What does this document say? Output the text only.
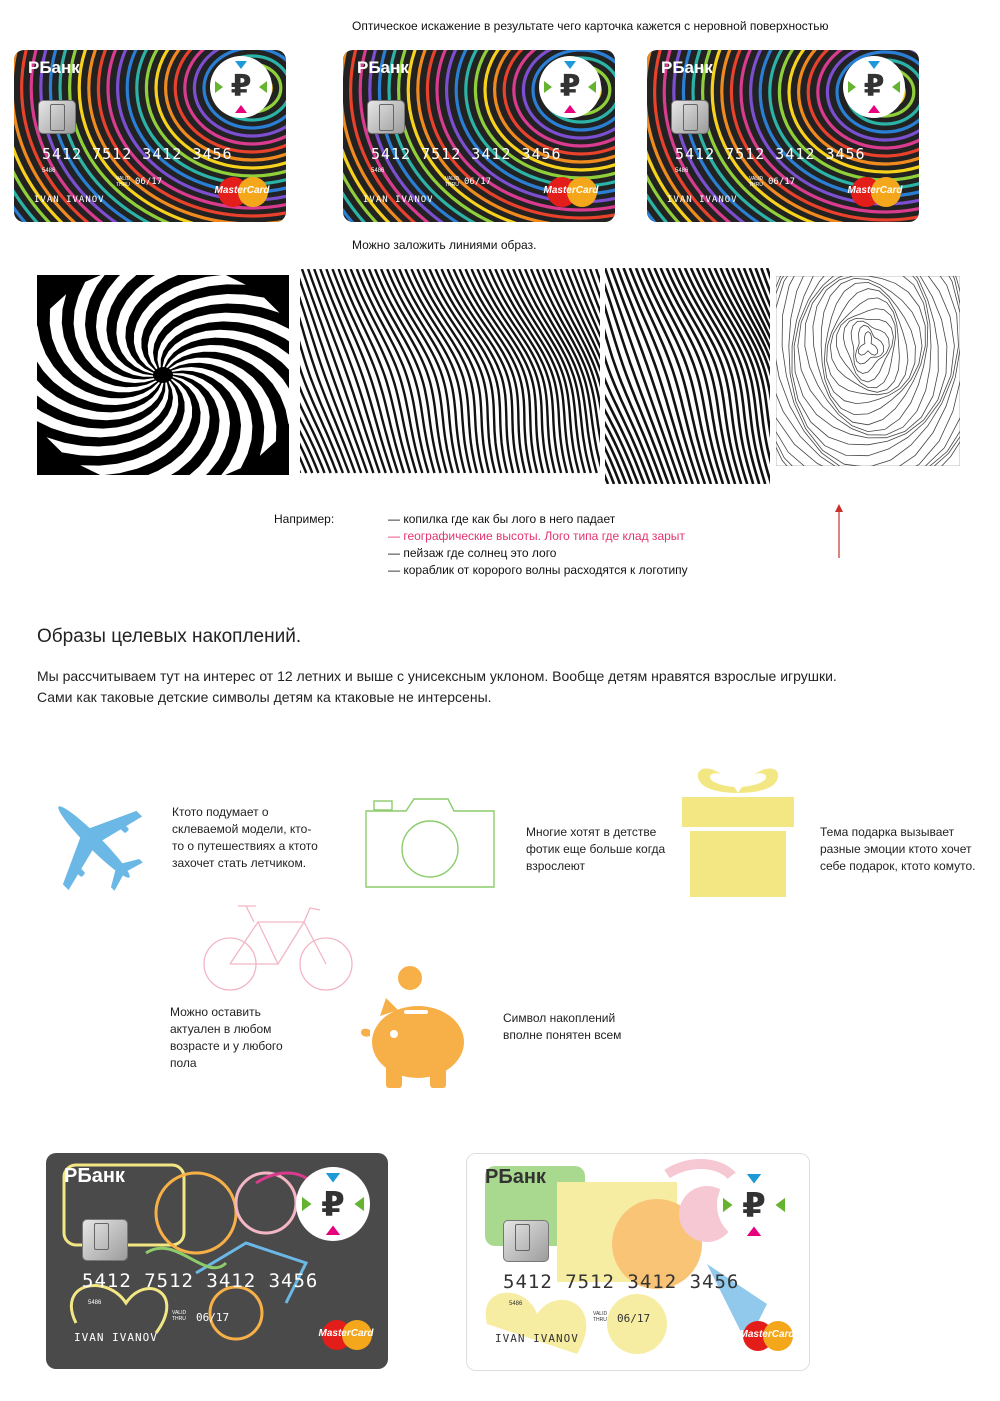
Оптическое искажение в результате чего карточка кажется с неровной поверхностью
РБанк
₽
5412 7512 3412 3456
5486
VALID
THRU 06/17
IVAN IVANOV
MasterCard
РБанк
₽
5412 7512 3412 3456
5486
VALID
THRU 06/17
IVAN IVANOV
MasterCard
РБанк
₽
5412 7512 3412 3456
5486
VALID
THRU 06/17
IVAN IVANOV
MasterCard
Можно заложить линиями образ.
Например:	— копилка где как бы лого в него падает
— географические высоты. Лого типа где клад зарыт
— пейзаж где солнец это лого
— кораблик от коророго волны расходятся к логотипу
Образы целевых накоплений.
Мы рассчитываем тут на интерес от 12 летних и выше с унисексным уклоном. Вообще детям нравятся взрослые игрушки.
Сами как таковые детские символы детям ка ктаковые не интерсены.
Ктото подумает о склеваемой модели, кто-то о путешествиях а ктото захочет стать летчиком.
Многие хотят в детстве фотик еще больше когда взрослеют
Тема подарка вызывает разные эмоции ктото хочет себе подарок, ктото комуто.
Можно оставить актуален в любом возрасте и у любого пола
Символ накоплений вполне понятен всем
РБанк
₽
5412 7512 3412 3456
5486
VALID
THRU 06/17
IVAN IVANOV	MasterCard
РБанк
₽
5412 7512 3412 3456
5486
VALID
THRU 06/17
IVAN IVANOV	MasterCard
